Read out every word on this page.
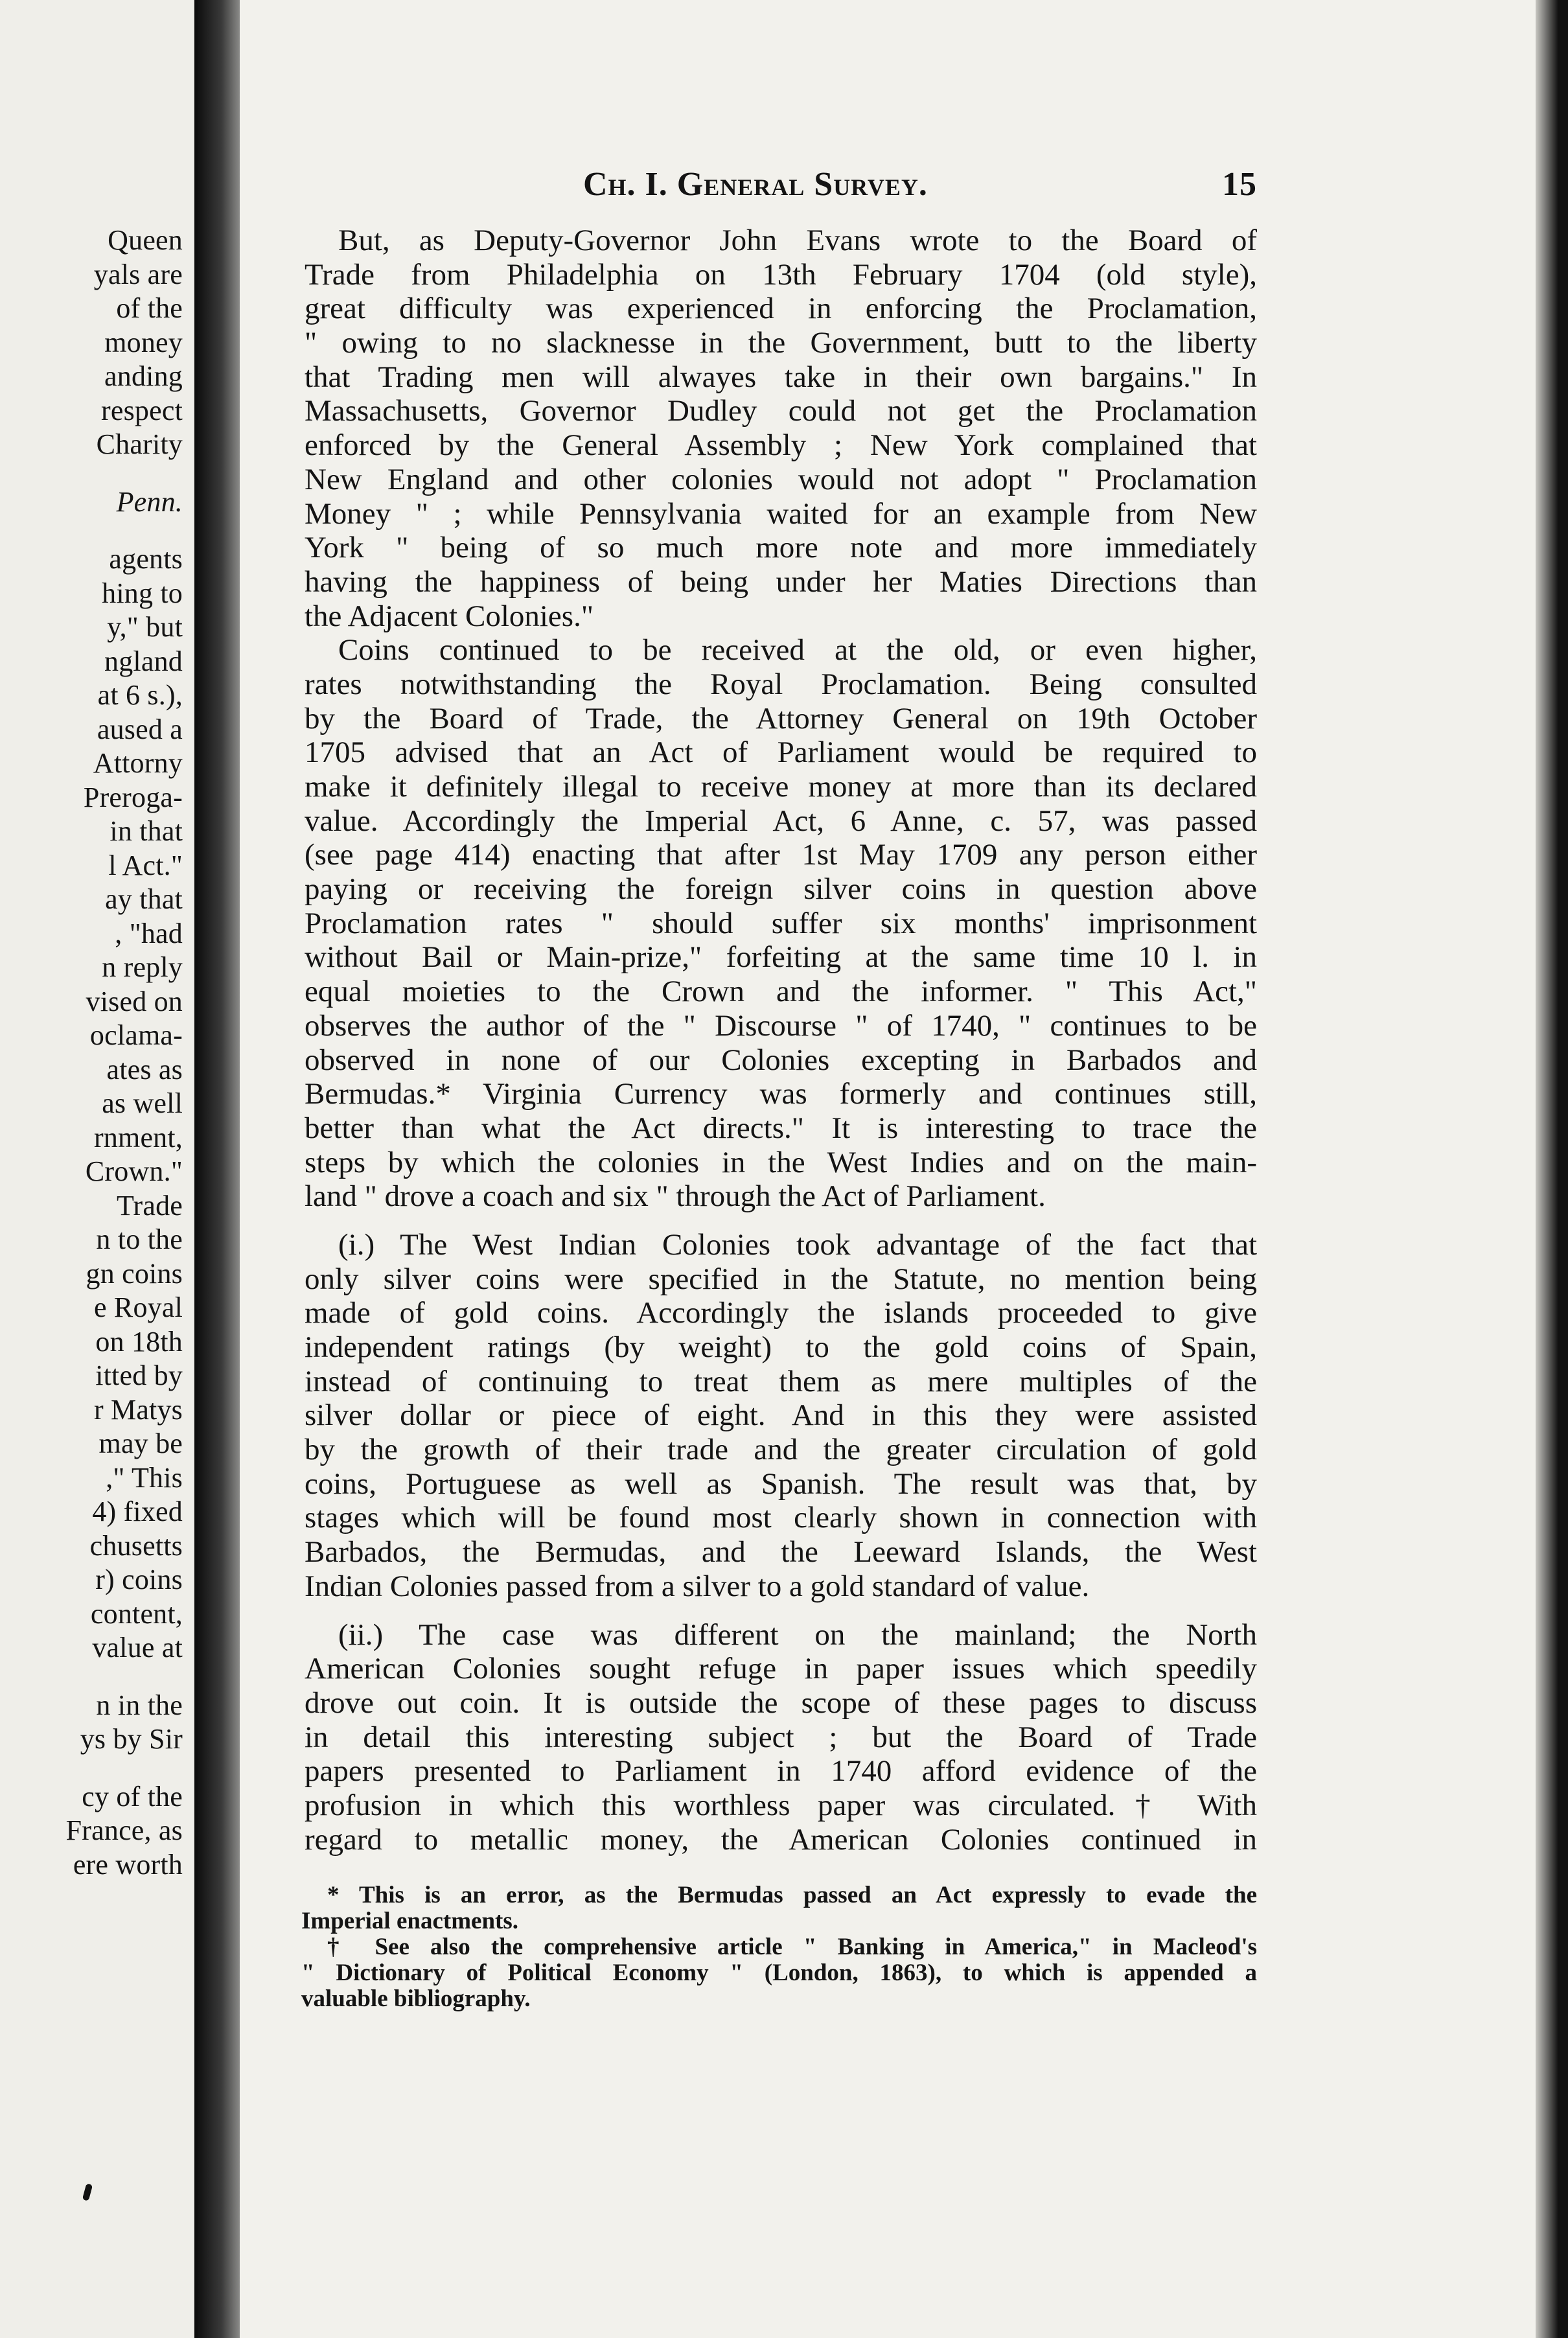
Queen
yals are
of the
money
anding
respect
Charity
Penn.
agents
hing to
y," but
ngland
at 6 s.),
aused a
Attorny
Preroga-
in that
l Act."
ay that
, "had
n reply
vised on
oclama-
ates as
as well
rnment,
Crown."
Trade
n to the
gn coins
e Royal
on 18th
itted by
r Matys
may be
," This
4) fixed
chusetts
r) coins
content,
value at
n in the
ys by Sir
cy of the
France, as
ere worth
Ch. I. General Survey.	15
But, as Deputy-Governor John Evans wrote to the Board of
Trade from Philadelphia on 13th February 1704 (old style),
great difficulty was experienced in enforcing the Proclamation,
" owing to no slacknesse in the Government, butt to the liberty
that Trading men will alwayes take in their own bargains." In
Massachusetts, Governor Dudley could not get the Proclamation
enforced by the General Assembly ; New York complained that
New England and other colonies would not adopt " Proclamation
Money " ; while Pennsylvania waited for an example from New
York " being of so much more note and more immediately
having the happiness of being under her Maties Directions than
the Adjacent Colonies."
Coins continued to be received at the old, or even higher,
rates notwithstanding the Royal Proclamation. Being consulted
by the Board of Trade, the Attorney General on 19th October
1705 advised that an Act of Parliament would be required to
make it definitely illegal to receive money at more than its declared
value. Accordingly the Imperial Act, 6 Anne, c. 57, was passed
(see page 414) enacting that after 1st May 1709 any person either
paying or receiving the foreign silver coins in question above
Proclamation rates " should suffer six months' imprisonment
without Bail or Main-prize," forfeiting at the same time 10 l. in
equal moieties to the Crown and the informer. " This Act,"
observes the author of the " Discourse " of 1740, " continues to be
observed in none of our Colonies excepting in Barbados and
Bermudas.* Virginia Currency was formerly and continues still,
better than what the Act directs." It is interesting to trace the
steps by which the colonies in the West Indies and on the main-
land " drove a coach and six " through the Act of Parliament.
(i.) The West Indian Colonies took advantage of the fact that
only silver coins were specified in the Statute, no mention being
made of gold coins. Accordingly the islands proceeded to give
independent ratings (by weight) to the gold coins of Spain,
instead of continuing to treat them as mere multiples of the
silver dollar or piece of eight. And in this they were assisted
by the growth of their trade and the greater circulation of gold
coins, Portuguese as well as Spanish. The result was that, by
stages which will be found most clearly shown in connection with
Barbados, the Bermudas, and the Leeward Islands, the West
Indian Colonies passed from a silver to a gold standard of value.
(ii.) The case was different on the mainland; the North
American Colonies sought refuge in paper issues which speedily
drove out coin. It is outside the scope of these pages to discuss
in detail this interesting subject ; but the Board of Trade
papers presented to Parliament in 1740 afford evidence of the
profusion in which this worthless paper was circulated.† With
regard to metallic money, the American Colonies continued in
* This is an error, as the Bermudas passed an Act expressly to evade the
Imperial enactments.
† See also the comprehensive article " Banking in America," in Macleod's
" Dictionary of Political Economy " (London, 1863), to which is appended a
valuable bibliography.
